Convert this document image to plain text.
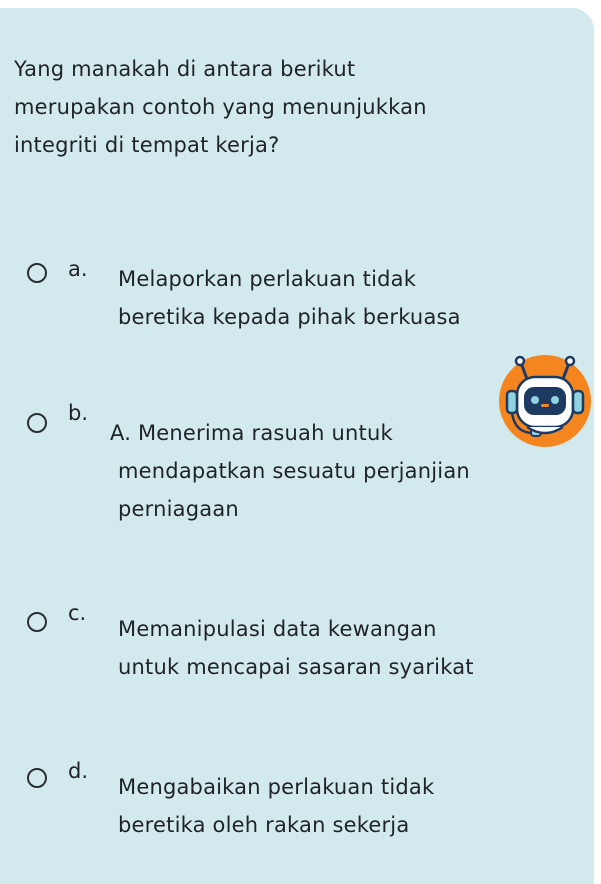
Yang manakah di antara berikut
merupakan contoh yang menunjukkan
integriti di tempat kerja?
a. Melaporkan perlakuan tidak
beretika kepada pihak berkuasa
b.
A. Menerima rasuah untuk
mendapatkan sesuatu perjanjian
perniagaan
c.
Memanipulasi data kewangan
untuk mencapai sasaran syarikat
d.
Mengabaikan perlakuan tidak
beretika oleh rakan sekerja
